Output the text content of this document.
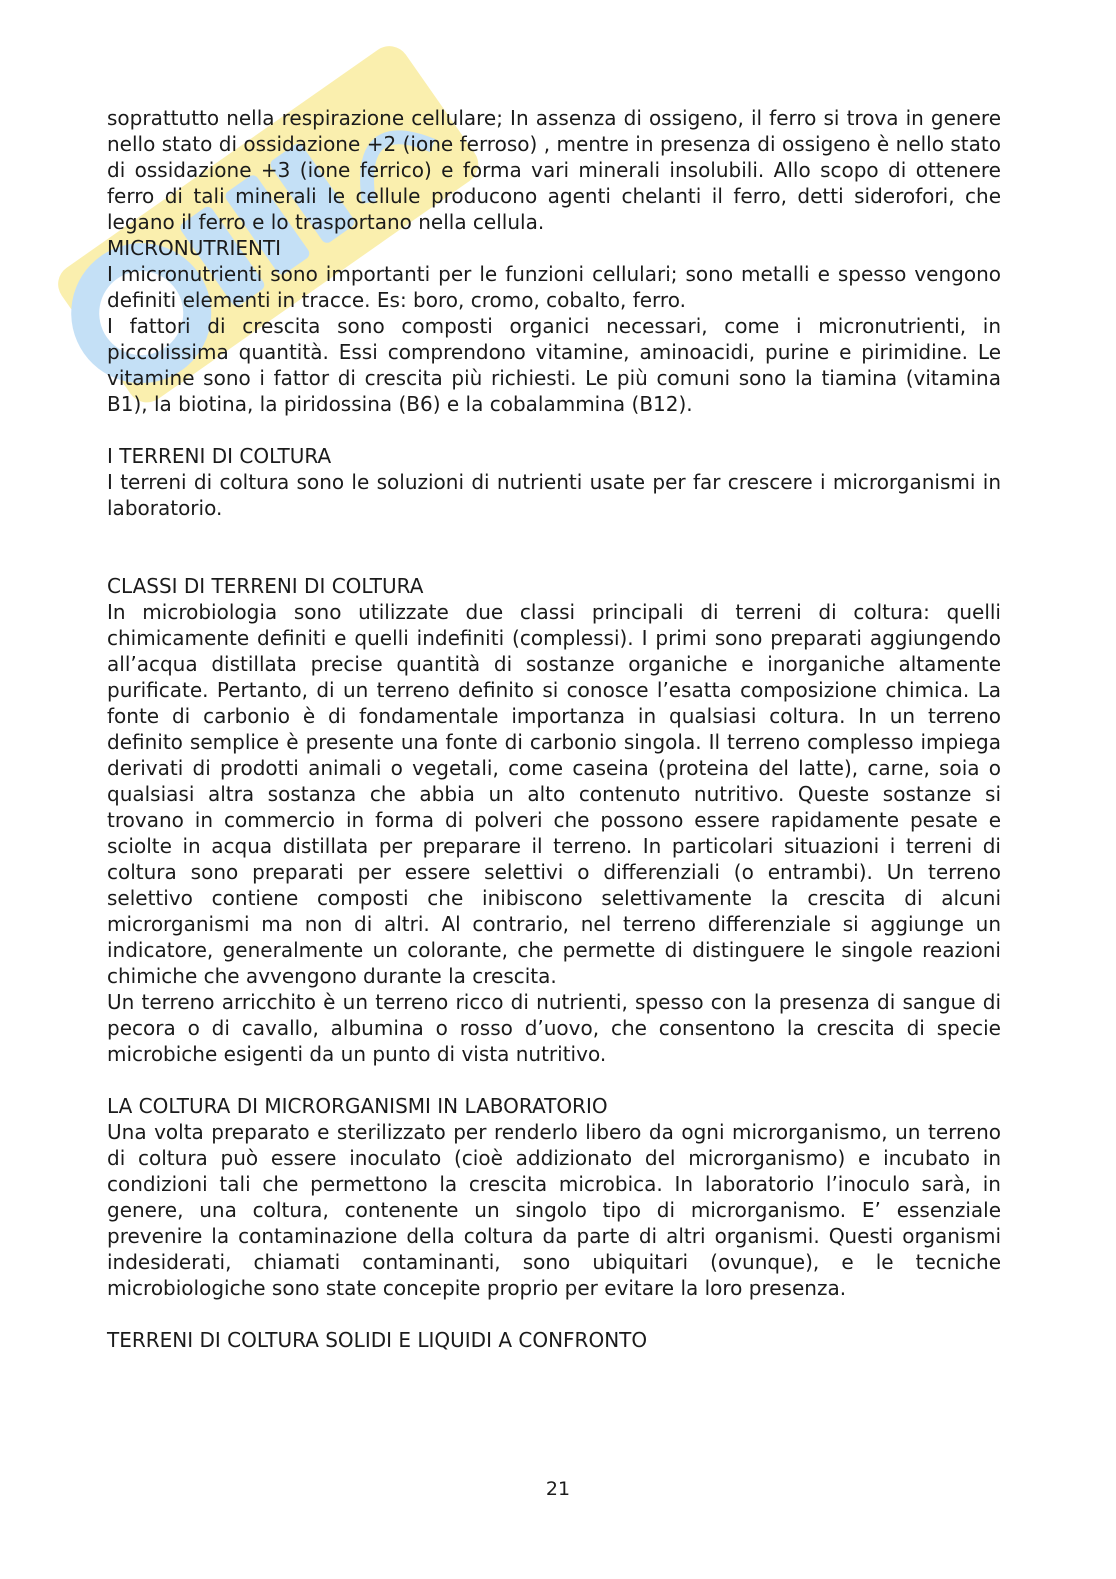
soprattutto nella respirazione cellulare; In assenza di ossigeno, il ferro si trova in genere nello stato di ossidazione +2 (ione ferroso) , mentre in presenza di ossigeno è nello stato di ossidazione +3 (ione ferrico) e forma vari minerali insolubili. Allo scopo di ottenere ferro di tali minerali le cellule producono agenti chelanti il ferro, detti siderofori, che legano il ferro e lo trasportano nella cellula.

MICRONUTRIENTI

I micronutrienti sono importanti per le funzioni cellulari; sono metalli e spesso vengono definiti elementi in tracce. Es: boro, cromo, cobalto, ferro.

I fattori di crescita sono composti organici necessari, come i micronutrienti, in piccolissima quantità. Essi comprendono vitamine, aminoacidi, purine e pirimidine. Le vitamine sono i fattor di crescita più richiesti. Le più comuni sono la tiamina (vitamina B1), la biotina, la piridossina (B6) e la cobalammina (B12).

I TERRENI DI COLTURA

I terreni di coltura sono le soluzioni di nutrienti usate per far crescere i microrganismi in laboratorio.

CLASSI DI TERRENI DI COLTURA

In microbiologia sono utilizzate due classi principali di terreni di coltura: quelli chimicamente definiti e quelli indefiniti (complessi). I primi sono preparati aggiungendo all’acqua distillata precise quantità di sostanze organiche e inorganiche altamente purificate. Pertanto, di un terreno definito si conosce l’esatta composizione chimica. La fonte di carbonio è di fondamentale importanza in qualsiasi coltura. In un terreno definito semplice è presente una fonte di carbonio singola. Il terreno complesso impiega derivati di prodotti animali o vegetali, come caseina (proteina del latte), carne, soia o qualsiasi altra sostanza che abbia un alto contenuto nutritivo. Queste sostanze si trovano in commercio in forma di polveri che possono essere rapidamente pesate e sciolte in acqua distillata per preparare il terreno. In particolari situazioni i terreni di coltura sono preparati per essere selettivi o differenziali (o entrambi). Un terreno selettivo contiene composti che inibiscono selettivamente la crescita di alcuni microrganismi ma non di altri. Al contrario, nel terreno differenziale si aggiunge un indicatore, generalmente un colorante, che permette di distinguere le singole reazioni chimiche che avvengono durante la crescita.

Un terreno arricchito è un terreno ricco di nutrienti, spesso con la presenza di sangue di pecora o di cavallo, albumina o rosso d’uovo, che consentono la crescita di specie microbiche esigenti da un punto di vista nutritivo.

LA COLTURA DI MICRORGANISMI IN LABORATORIO

Una volta preparato e sterilizzato per renderlo libero da ogni microrganismo, un terreno di coltura può essere inoculato (cioè addizionato del microrganismo) e incubato in condizioni tali che permettono la crescita microbica. In laboratorio l’inoculo sarà, in genere, una coltura, contenente un singolo tipo di microrganismo. E’ essenziale prevenire la contaminazione della coltura da parte di altri organismi. Questi organismi indesiderati, chiamati contaminanti, sono ubiquitari (ovunque), e le tecniche microbiologiche sono state concepite proprio per evitare la loro presenza.

TERRENI DI COLTURA SOLIDI E LIQUIDI A CONFRONTO

21
